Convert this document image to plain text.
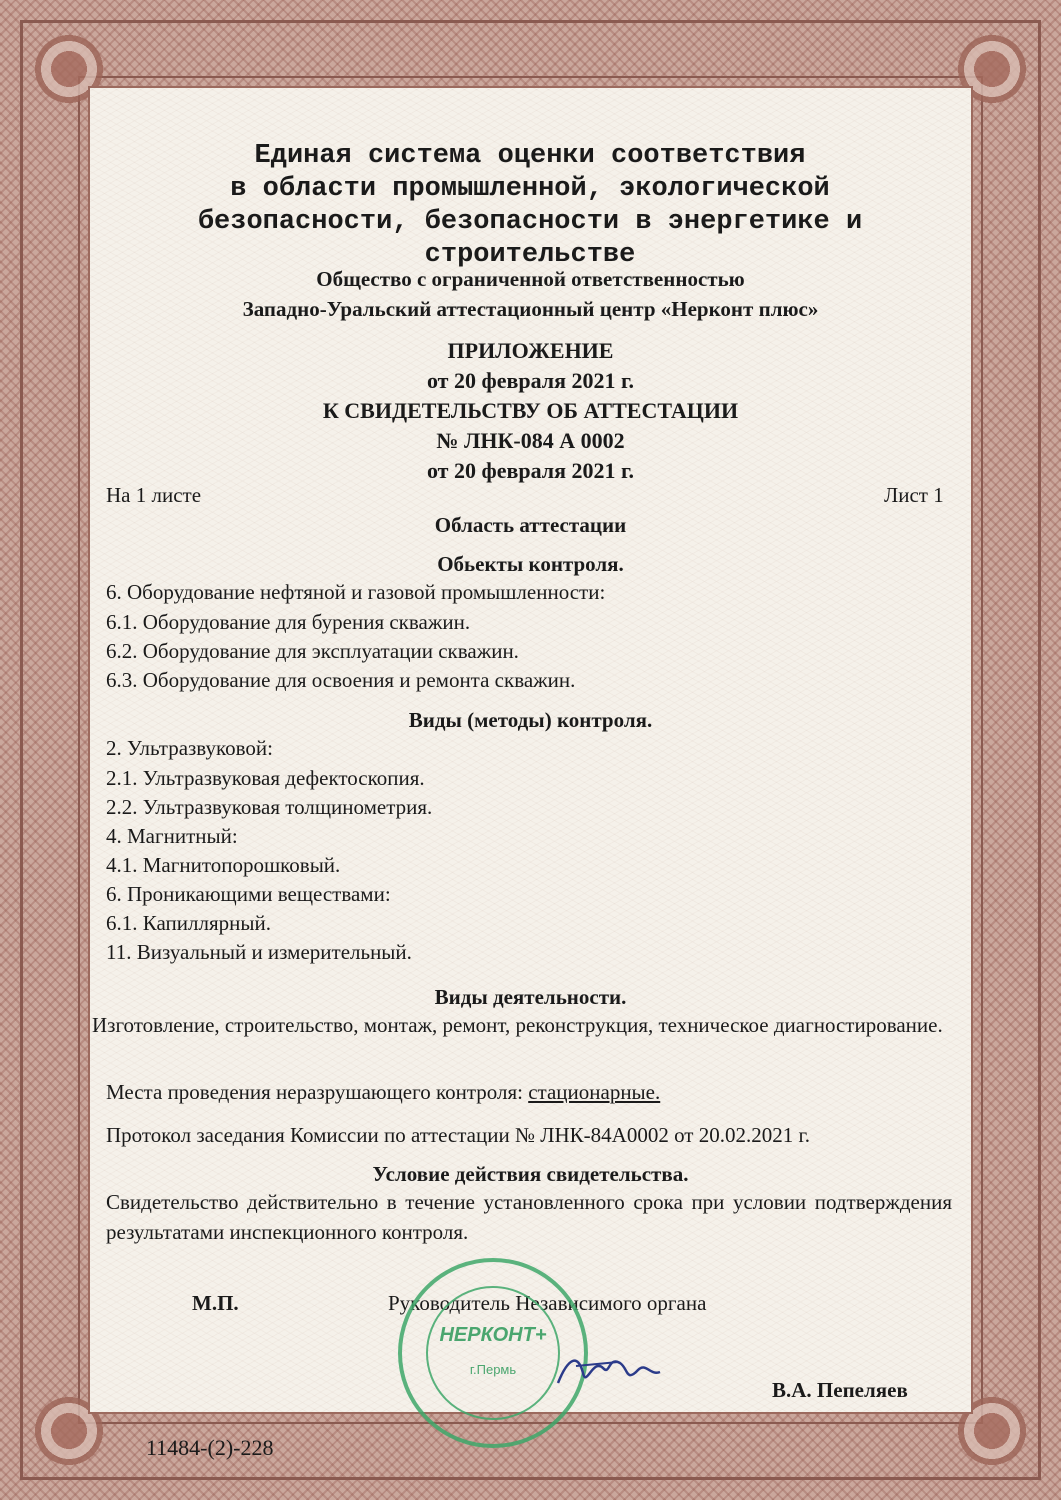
Единая система оценки соответствия
в области промышленной, экологической
безопасности, безопасности в энергетике и
строительстве
Общество с ограниченной ответственностью
Западно-Уральский аттестационный центр «Нерконт плюс»
ПРИЛОЖЕНИЕ
от 20 февраля 2021 г.
К СВИДЕТЕЛЬСТВУ ОБ АТТЕСТАЦИИ
№ ЛНК-084 А 0002
от 20 февраля 2021 г.
На 1 листе	Лист 1
Область аттестации
Обьекты контроля.
6. Оборудование нефтяной и газовой промышленности:
6.1. Оборудование для бурения скважин.
6.2. Оборудование для эксплуатации скважин.
6.3. Оборудование для освоения и ремонта скважин.
Виды (методы) контроля.
2. Ультразвуковой:
2.1. Ультразвуковая дефектоскопия.
2.2. Ультразвуковая толщинометрия.
4. Магнитный:
4.1. Магнитопорошковый.
6. Проникающими веществами:
6.1. Капиллярный.
11. Визуальный и измерительный.
Виды деятельности.
Изготовление, строительство, монтаж, ремонт, реконструкция, техническое диагностирование.
Места проведения неразрушающего контроля: стационарные.
Протокол заседания Комиссии по аттестации № ЛНК-84А0002 от 20.02.2021 г.
Условие действия свидетельства.
Свидетельство действительно в течение установленного срока при условии подтверждения результатами инспекционного контроля.
М.П.	Руководитель Независимого органа
НЕРКОНТ+
г.Пермь
В.А. Пепеляев
11484-(2)-228
